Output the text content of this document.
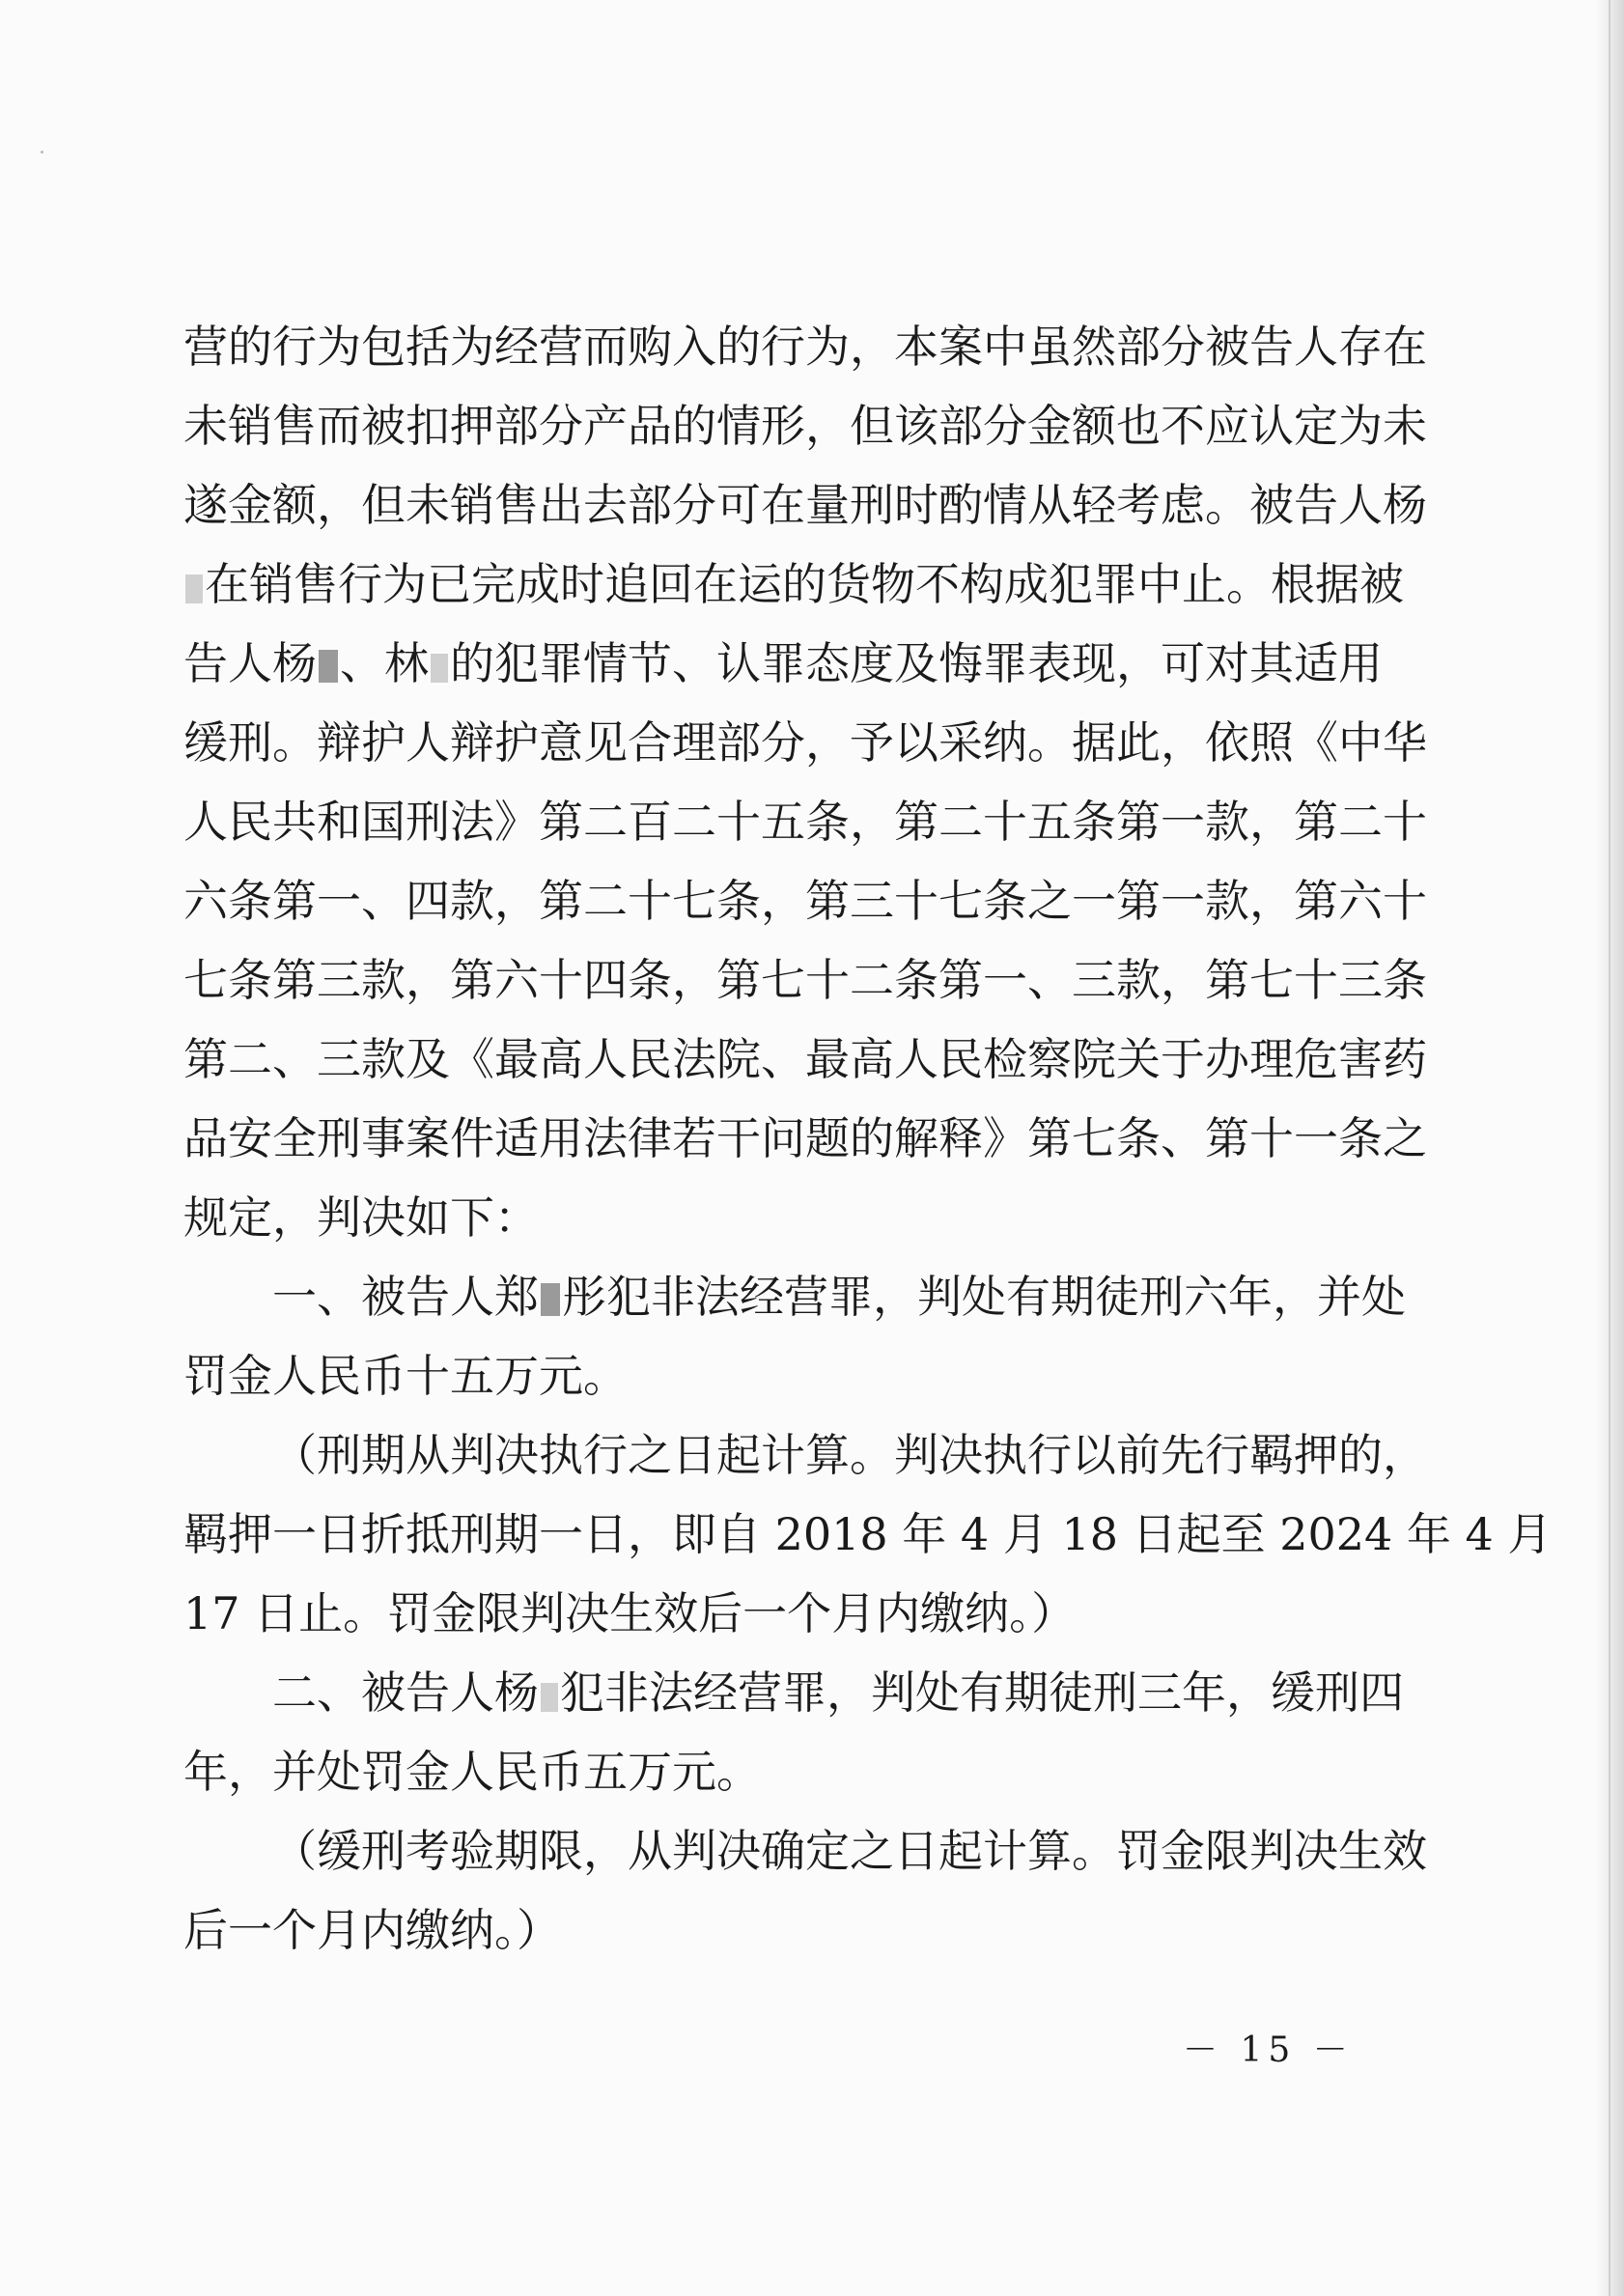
营的行为包括为经营而购入的行为，本案中虽然部分被告人存在
未销售而被扣押部分产品的情形，但该部分金额也不应认定为未
遂金额，但未销售出去部分可在量刑时酌情从轻考虑。被告人杨
在销售行为已完成时追回在运的货物不构成犯罪中止。根据被
告人杨 、林 的犯罪情节、认罪态度及悔罪表现，可对其适用
缓刑。辩护人辩护意见合理部分，予以采纳。据此，依照《中华
人民共和国刑法》第二百二十五条，第二十五条第一款，第二十
六条第一、四款，第二十七条，第三十七条之一第一款，第六十
七条第三款，第六十四条，第七十二条第一、三款，第七十三条
第二、三款及《最高人民法院、最高人民检察院关于办理危害药
品安全刑事案件适用法律若干问题的解释》第七条、第十一条之
规定，判决如下：
一、被告人郑 彤犯非法经营罪，判处有期徒刑六年，并处
罚金人民币十五万元。
（刑期从判决执行之日起计算。判决执行以前先行羁押的，
羁押一日折抵刑期一日，即自 2018 年 4 月 18 日起至 2024 年 4 月
17 日止。罚金限判决生效后一个月内缴纳。）
二、被告人杨 犯非法经营罪，判处有期徒刑三年，缓刑四
年，并处罚金人民币五万元。
（缓刑考验期限，从判决确定之日起计算。罚金限判决生效
后一个月内缴纳。）
－ 15 －
